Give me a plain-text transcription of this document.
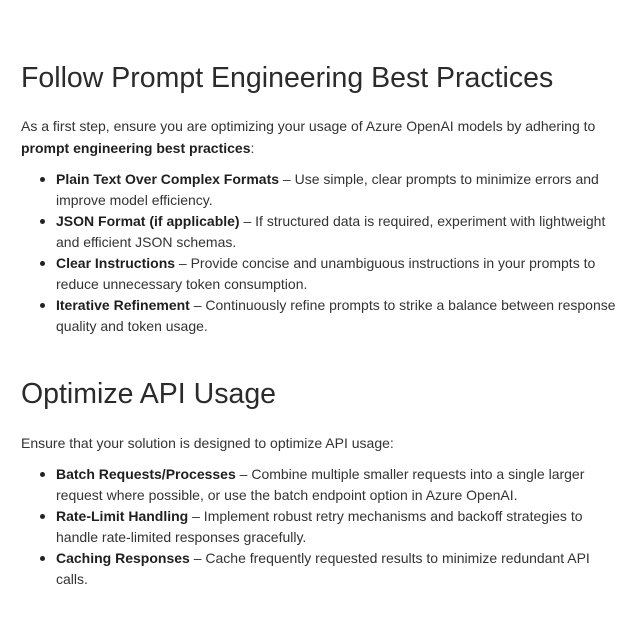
Follow Prompt Engineering Best Practices

As a first step, ensure you are optimizing your usage of Azure OpenAI models by adhering to prompt engineering best practices:

Plain Text Over Complex Formats – Use simple, clear prompts to minimize errors and improve model efficiency.
JSON Format (if applicable) – If structured data is required, experiment with lightweight and efficient JSON schemas.
Clear Instructions – Provide concise and unambiguous instructions in your prompts to reduce unnecessary token consumption.
Iterative Refinement – Continuously refine prompts to strike a balance between response quality and token usage.
Optimize API Usage

Ensure that your solution is designed to optimize API usage:

Batch Requests/Processes – Combine multiple smaller requests into a single larger request where possible, or use the batch endpoint option in Azure OpenAI.
Rate-Limit Handling – Implement robust retry mechanisms and backoff strategies to handle rate-limited responses gracefully.
Caching Responses – Cache frequently requested results to minimize redundant API calls.
